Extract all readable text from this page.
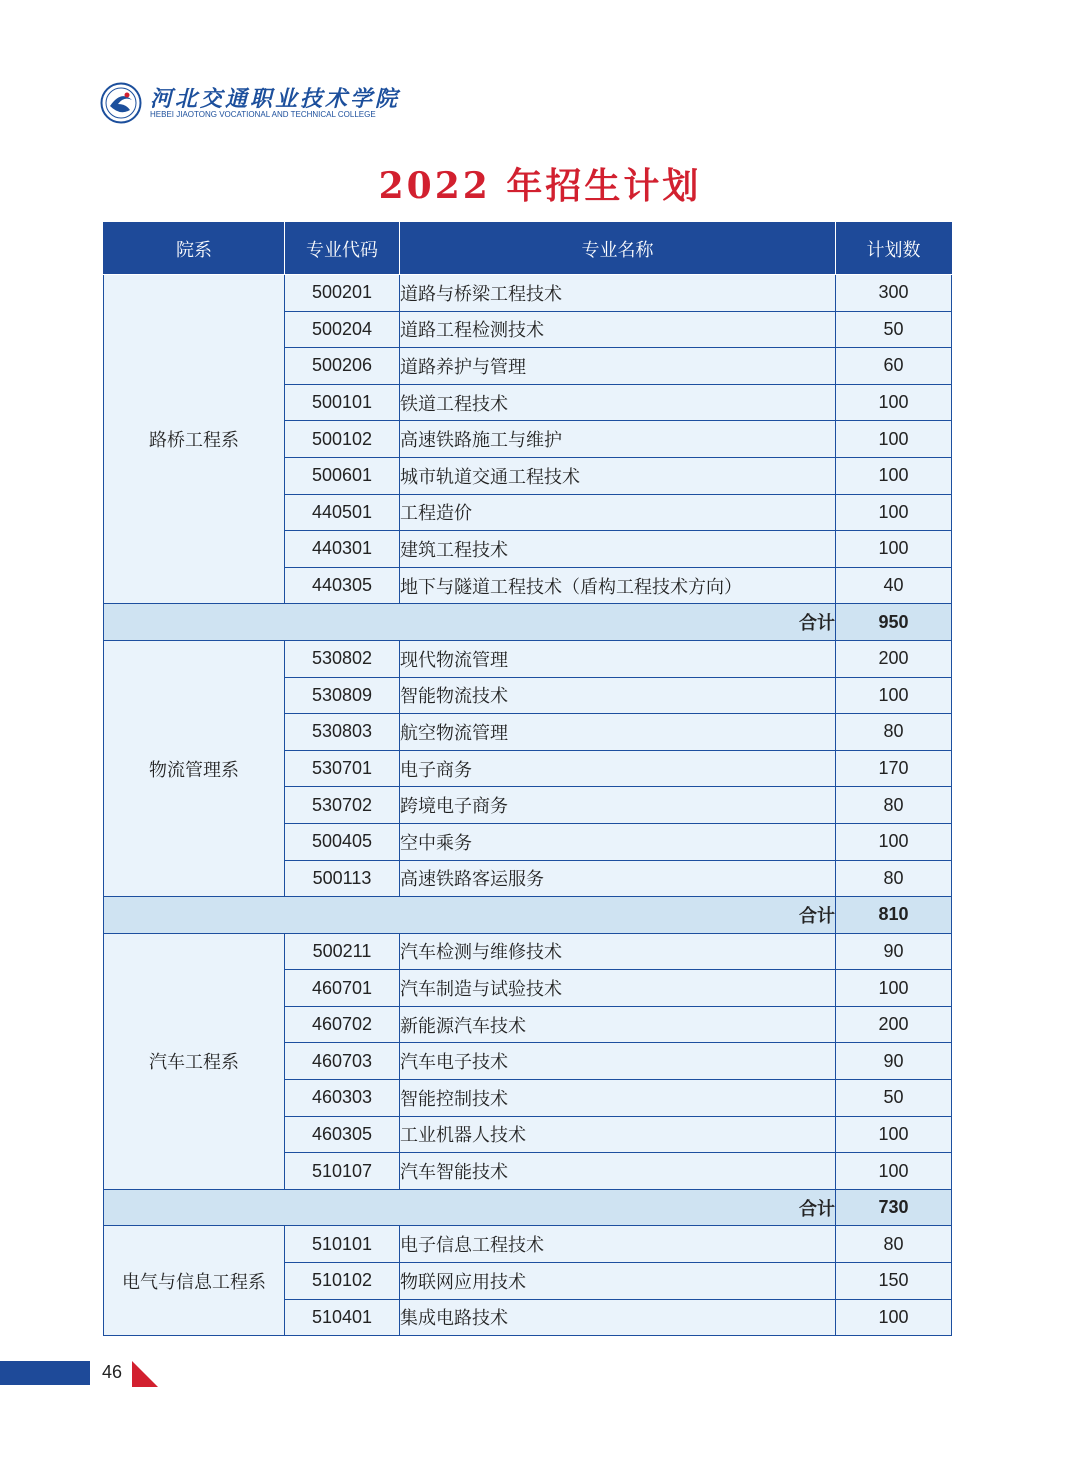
河北交通职业技术学院
HEBEI JIAOTONG VOCATIONAL AND TECHNICAL COLLEGE
2022 年招生计划
院系	专业代码	专业名称	计划数
路桥工程系	500201	道路与桥梁工程技术	300
	500204	道路工程检测技术	50
	500206	道路养护与管理	60
	500101	铁道工程技术	100
	500102	高速铁路施工与维护	100
	500601	城市轨道交通工程技术	100
	440501	工程造价	100
	440301	建筑工程技术	100
	440305	地下与隧道工程技术（盾构工程技术方向）	40
合计			950
物流管理系	530802	现代物流管理	200
	530809	智能物流技术	100
	530803	航空物流管理	80
	530701	电子商务	170
	530702	跨境电子商务	80
	500405	空中乘务	100
	500113	高速铁路客运服务	80
合计			810
汽车工程系	500211	汽车检测与维修技术	90
	460701	汽车制造与试验技术	100
	460702	新能源汽车技术	200
	460703	汽车电子技术	90
	460303	智能控制技术	50
	460305	工业机器人技术	100
	510107	汽车智能技术	100
合计			730
电气与信息工程系	510101	电子信息工程技术	80
	510102	物联网应用技术	150
	510401	集成电路技术	100
46
